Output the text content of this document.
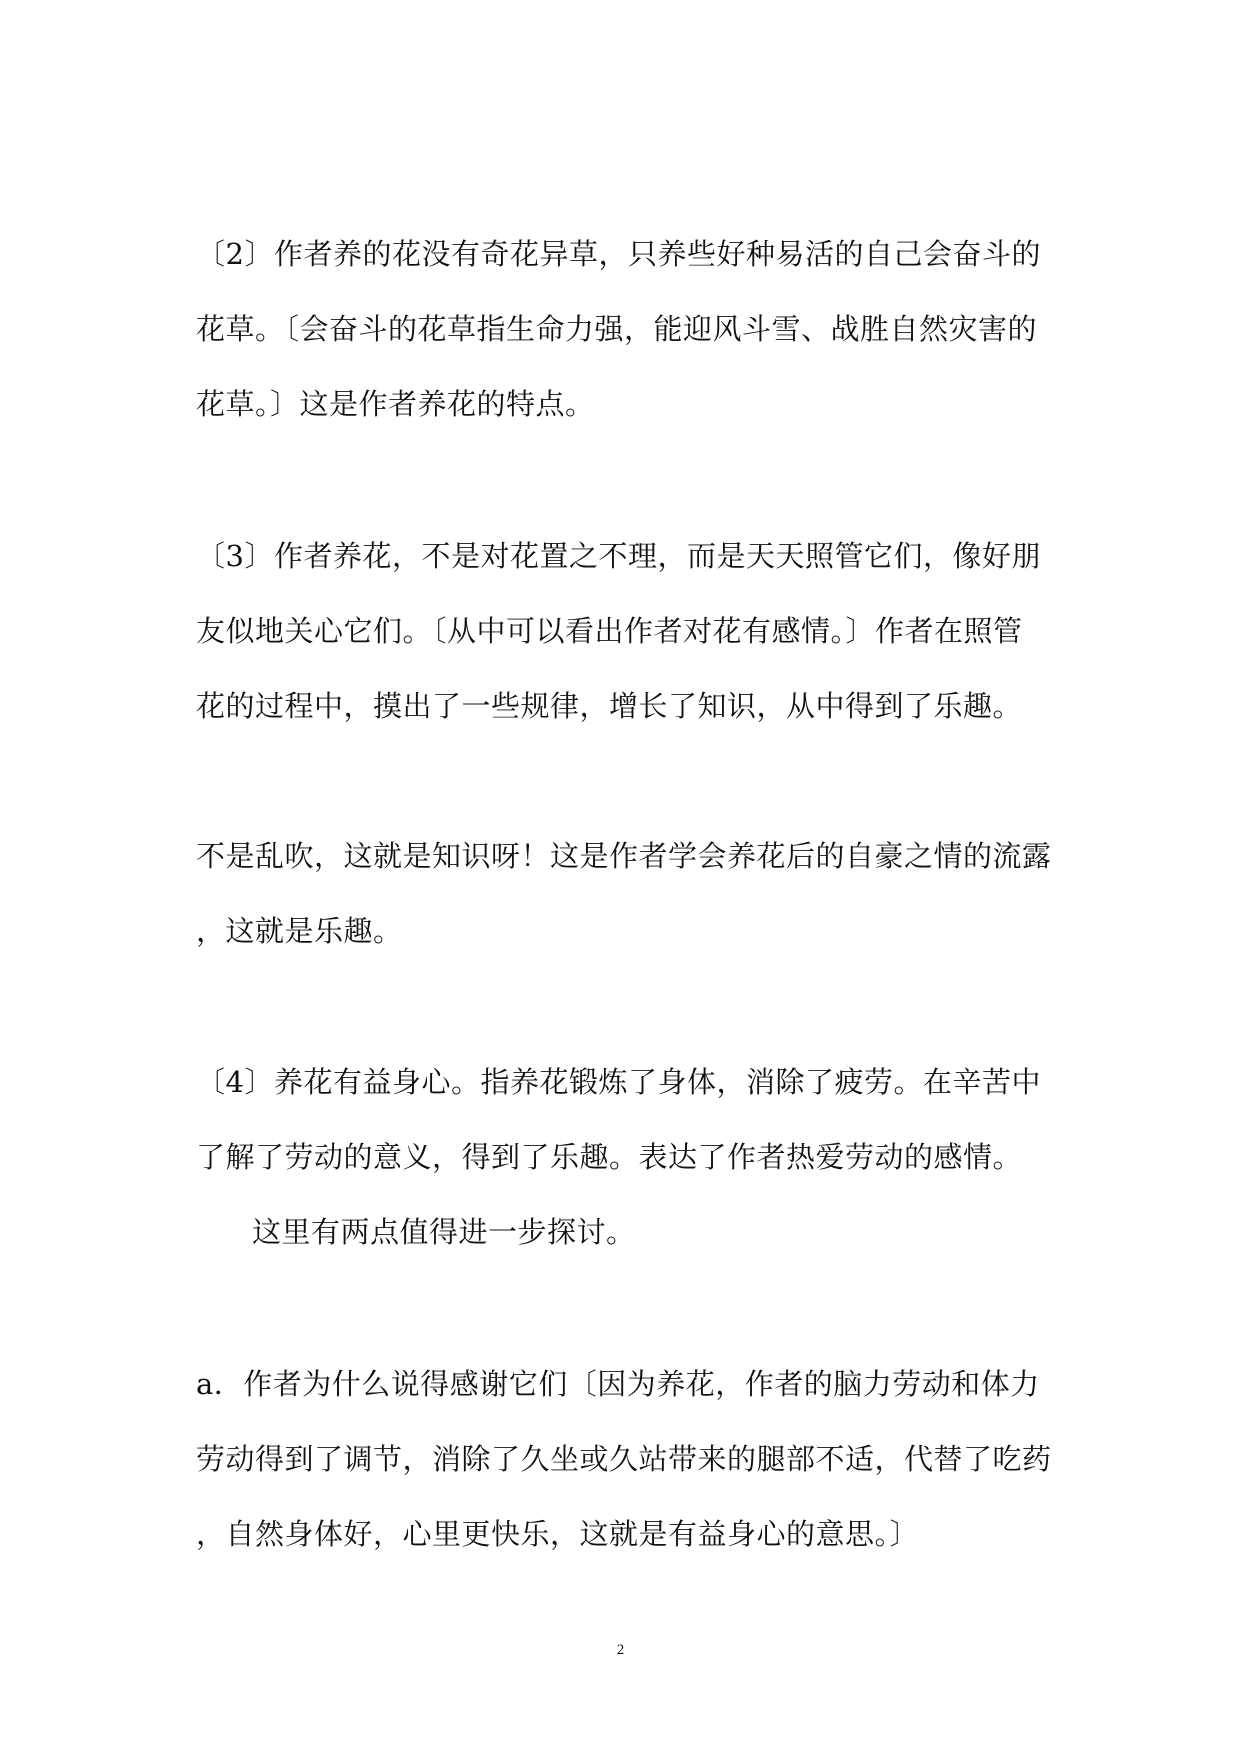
〔2〕作者养的花没有奇花异草，只养些好种易活的自己会奋斗的
花草。〔会奋斗的花草指生命力强，能迎风斗雪、战胜自然灾害的
花草。〕这是作者养花的特点。
〔3〕作者养花，不是对花置之不理，而是天天照管它们，像好朋
友似地关心它们。〔从中可以看出作者对花有感情。〕作者在照管
花的过程中，摸出了一些规律，增长了知识，从中得到了乐趣。
不是乱吹，这就是知识呀！这是作者学会养花后的自豪之情的流露
，这就是乐趣。
〔4〕养花有益身心。指养花锻炼了身体，消除了疲劳。在辛苦中
了解了劳动的意义，得到了乐趣。表达了作者热爱劳动的感情。
这里有两点值得进一步探讨。
a．作者为什么说得感谢它们〔因为养花，作者的脑力劳动和体力
劳动得到了调节，消除了久坐或久站带来的腿部不适，代替了吃药
，自然身体好，心里更快乐，这就是有益身心的意思。〕
2
